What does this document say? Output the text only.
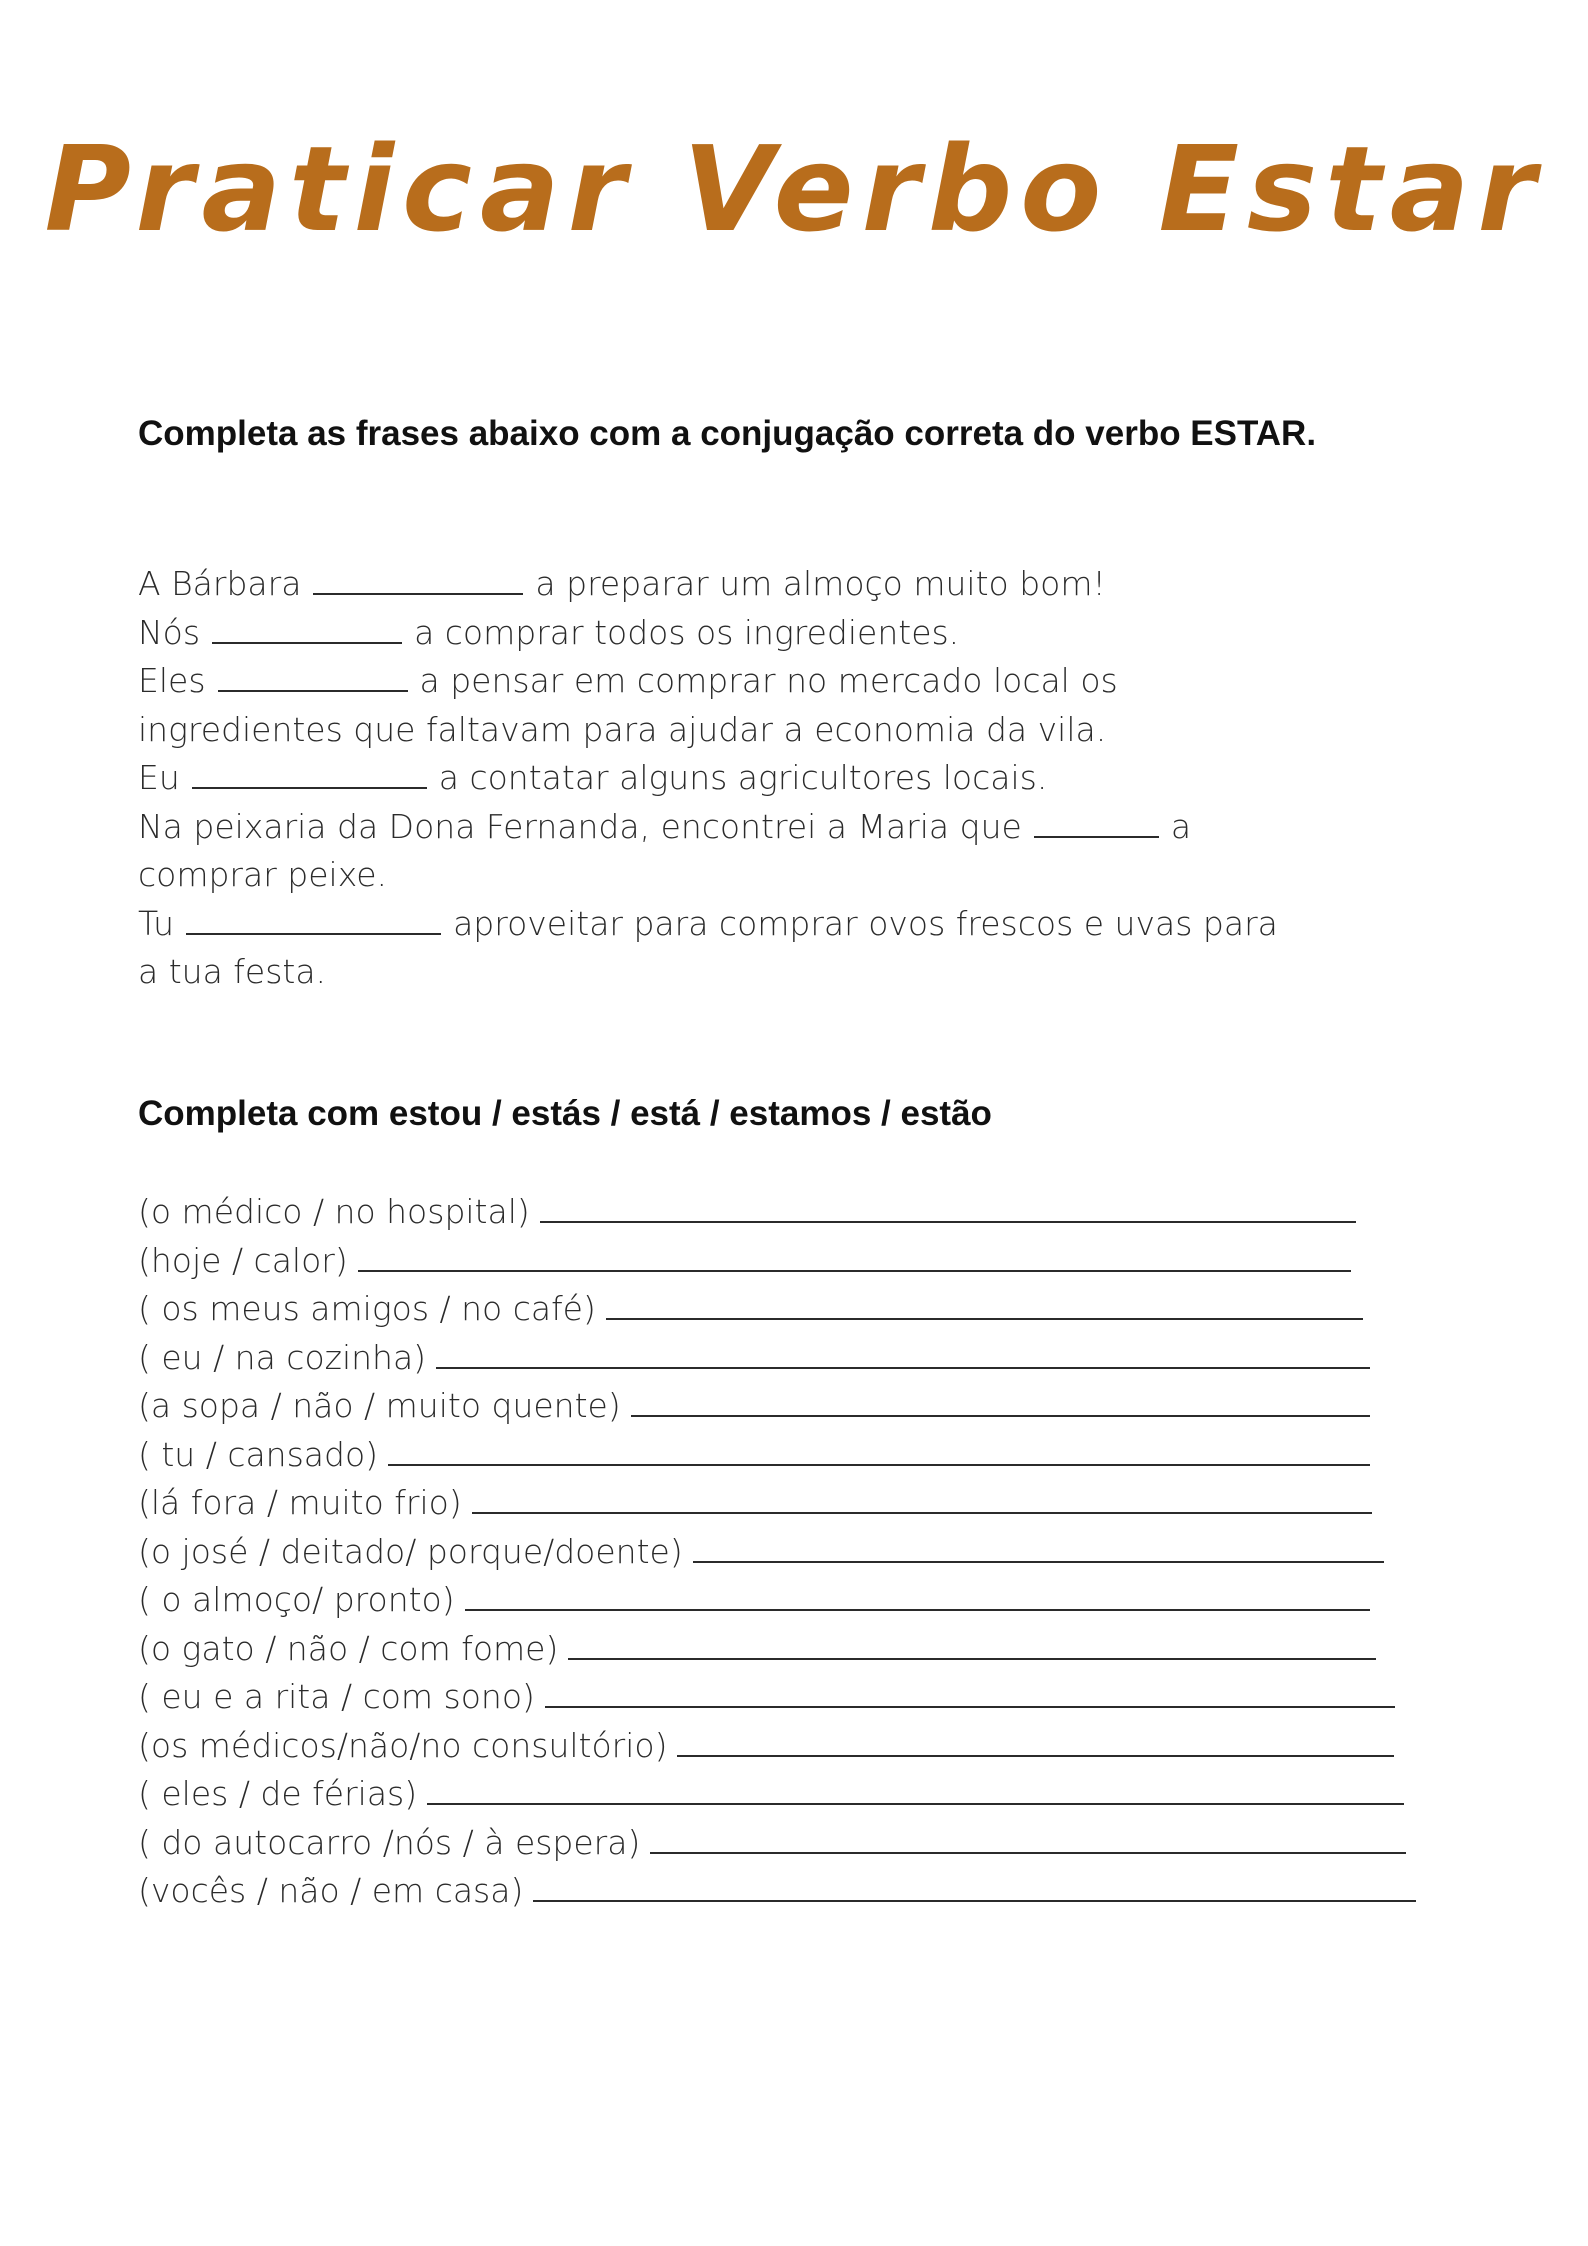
Praticar Verbo Estar
Completa as frases abaixo com a conjugação correta do verbo ESTAR.
A Bárbara	a preparar um almoço muito bom!
Nós	a comprar todos os ingredientes.
Eles	a pensar em comprar no mercado local os
ingredientes que faltavam para ajudar a economia da vila.
Eu	a contatar alguns agricultores locais.
Na peixaria da Dona Fernanda, encontrei a Maria que	a
comprar peixe.
Tu	aproveitar para comprar ovos frescos e uvas para
a tua festa.
Completa com estou / estás / está / estamos / estão
(o médico / no hospital)
(hoje / calor)
( os meus amigos / no café)
( eu / na cozinha)
(a sopa / não / muito quente)
( tu / cansado)
(lá fora / muito frio)
(o josé / deitado/ porque/doente)
( o almoço/ pronto)
(o gato / não / com fome)
( eu e a rita / com sono)
(os médicos/não/no consultório)
( eles / de férias)
( do autocarro /nós / à espera)
(vocês / não / em casa)
